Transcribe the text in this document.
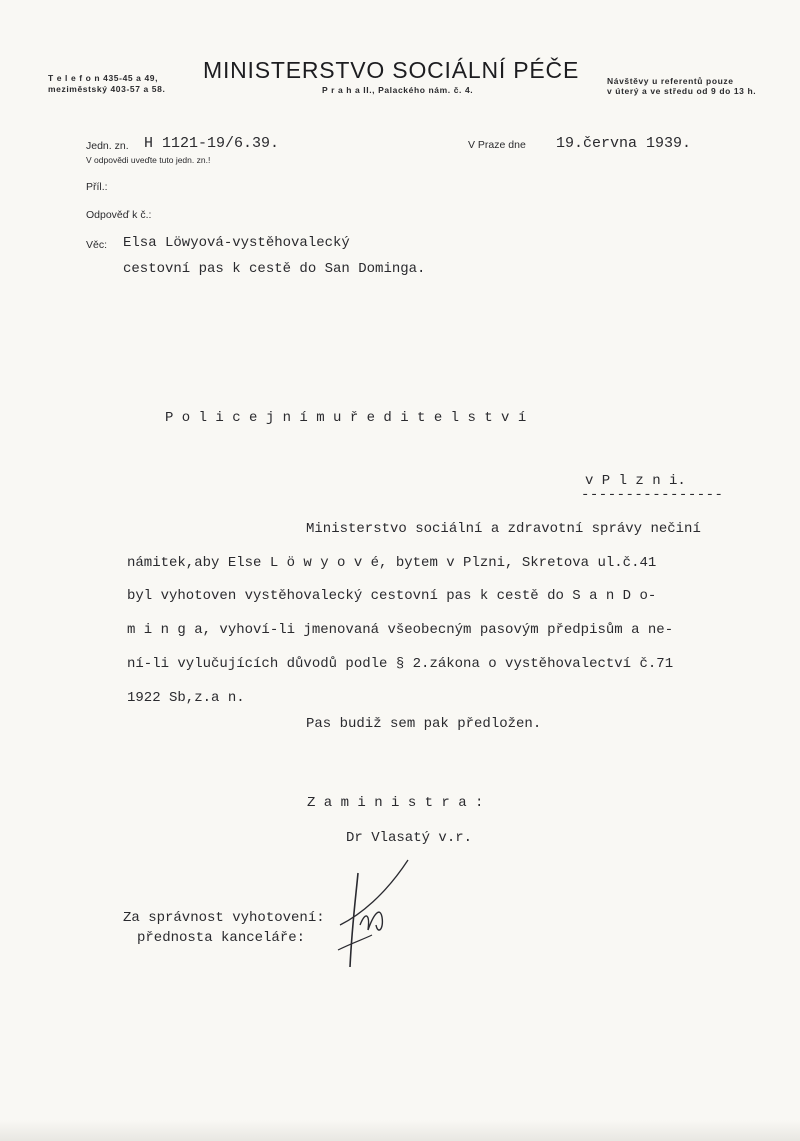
T e l e f o n 435-45 a 49,
meziměstský 403-57 a 58.
MINISTERSTVO SOCIÁLNÍ PÉČE
P r a h a II., Palackého nám. č. 4.
Návštěvy u referentů pouze
v úterý a ve středu od 9 do 13 h.
Jedn. zn. H 1121-19/6.39.
V odpovědi uveďte tuto jedn. zn.!
V Praze dne 19.června 1939.
Příl.:
Odpověď k č.:
Věc: Elsa Löwyová-vystěhovalecký
cestovní pas k cestě do San Dominga.
P o l i c e j n í m u ř e d i t e l s t v í
v P l z n i.
----------------
Ministerstvo sociální a zdravotní správy nečiní
námitek,aby Else L ö w y o v é, bytem v Plzni, Skretova ul.č.41
byl vyhotoven vystěhovalecký cestovní pas k cestě do S a n D o-
m i n g a, vyhoví-li jmenovaná všeobecným pasovým předpisům a ne-
ní-li vylučujících důvodů podle § 2.zákona o vystěhovalectví č.71
1922 Sb,z.a n.
Pas budiž sem pak předložen.
Z a m i n i s t r a :
Dr Vlasatý v.r.
Za správnost vyhotovení:
přednosta kanceláře:
